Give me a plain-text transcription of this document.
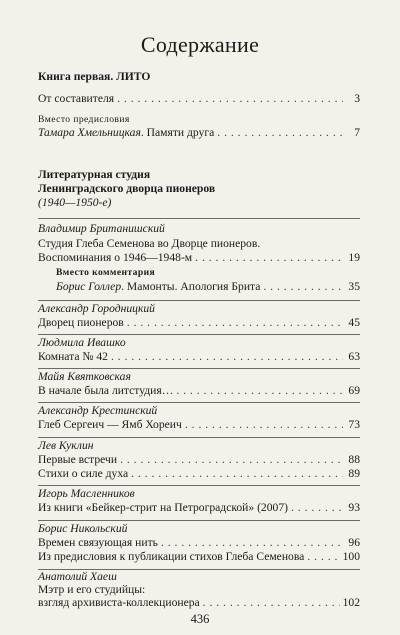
Содержание
Книга первая. ЛИТО
От составителя . . .	3
Вместо предисловия
Тамара Хмельницкая. Памяти друга . . .	7
Литературная студия
Ленинградского дворца пионеров
(1940—1950-е)
Владимир Британишский
Студия Глеба Семенова во Дворце пионеров.
Воспоминания о 1946—1948-м . . .	19
Вместо комментария
Борис Голлер. Мамонты. Апология Брита . . .	35
Александр Городницкий
Дворец пионеров . . .	45
Людмила Ивашко
Комната № 42 . . .	63
Майя Квятковская
В начале была литстудия… . . .	69
Александр Крестинский
Глеб Сергеич — Ямб Хореич . . .	73
Лев Куклин
Первые встречи . . .	88
Стихи о силе духа . . .	89
Игорь Масленников
Из книги «Бейкер-стрит на Петроградской» (2007) . . .	93
Борис Никольский
Времен связующая нить . . .	96
Из предисловия к публикации стихов Глеба Семенова . . .	100
Анатолий Хаеш
Мэтр и его студийцы:
взгляд архивиста-коллекционера . . .	102
436
